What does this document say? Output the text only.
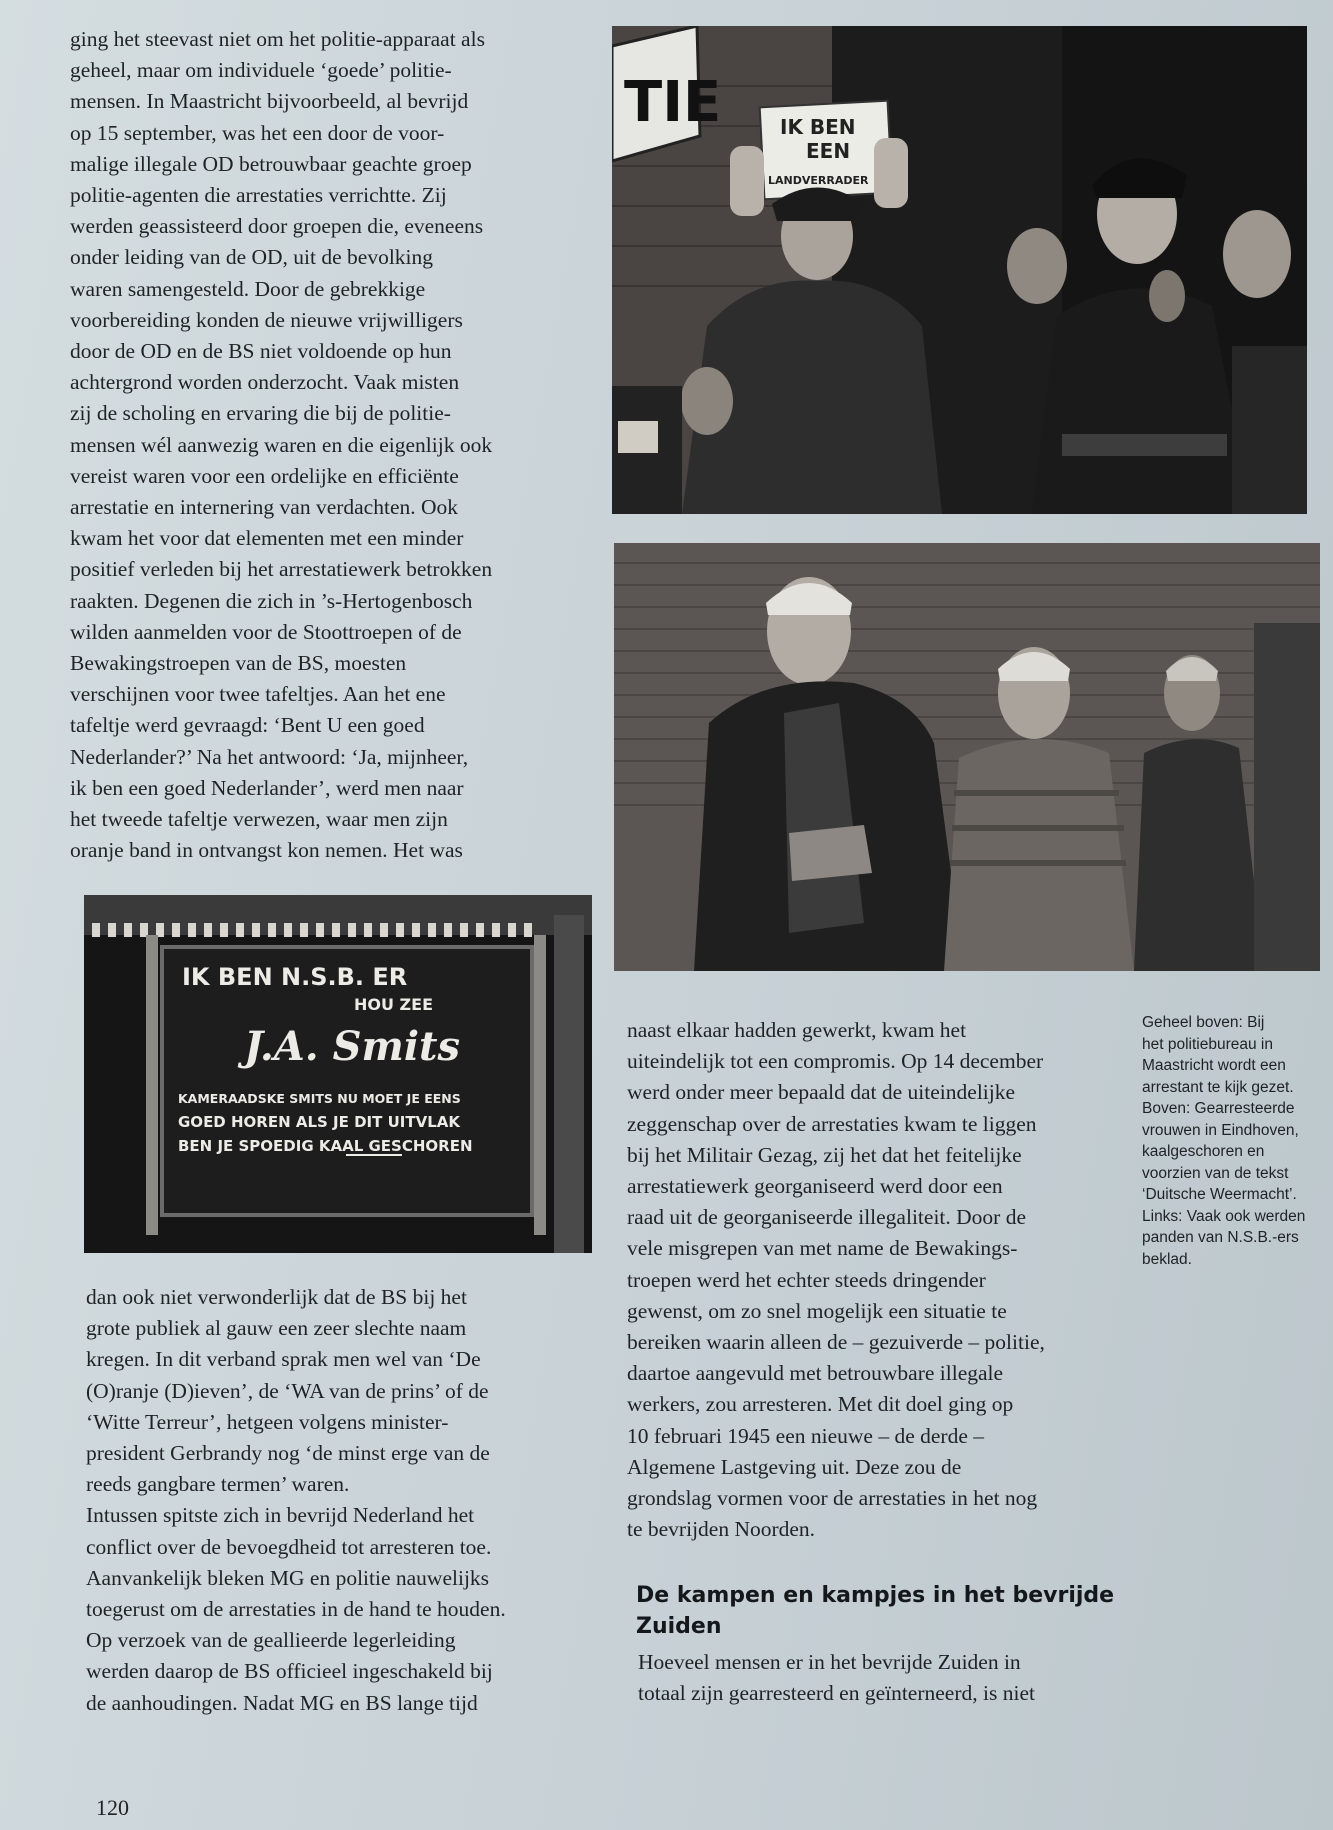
ging het steevast niet om het politie-apparaat als
geheel, maar om individuele ‘goede’ politie-
mensen. In Maastricht bijvoorbeeld, al bevrijd
op 15 september, was het een door de voor-
malige illegale OD betrouwbaar geachte groep
politie-agenten die arrestaties verrichtte. Zij
werden geassisteerd door groepen die, eveneens
onder leiding van de OD, uit de bevolking
waren samengesteld. Door de gebrekkige
voorbereiding konden de nieuwe vrijwilligers
door de OD en de BS niet voldoende op hun
achtergrond worden onderzocht. Vaak misten
zij de scholing en ervaring die bij de politie-
mensen wél aanwezig waren en die eigenlijk ook
vereist waren voor een ordelijke en efficiënte
arrestatie en internering van verdachten. Ook
kwam het voor dat elementen met een minder
positief verleden bij het arrestatiewerk betrokken
raakten. Degenen die zich in ’s-Hertogenbosch
wilden aanmelden voor de Stoottroepen of de
Bewakingstroepen van de BS, moesten
verschijnen voor twee tafeltjes. Aan het ene
tafeltje werd gevraagd: ‘Bent U een goed
Nederlander?’ Na het antwoord: ‘Ja, mijnheer,
ik ben een goed Nederlander’, werd men naar
het tweede tafeltje verwezen, waar men zijn
oranje band in ontvangst kon nemen. Het was

TIE	IK BEN
EEN
LANDVERRADER
IK BEN N.S.B. ER
HOU ZEE
J.A. Smits
KAMERAADSKE SMITS NU MOET JE EENS
GOED HOREN ALS JE DIT UITVLAK
BEN JE SPOEDIG KAAL GESCHOREN

dan ook niet verwonderlijk dat de BS bij het
grote publiek al gauw een zeer slechte naam
kregen. In dit verband sprak men wel van ‘De
(O)ranje (D)ieven’, de ‘WA van de prins’ of de
‘Witte Terreur’, hetgeen volgens minister-
president Gerbrandy nog ‘de minst erge van de
reeds gangbare termen’ waren.
Intussen spitste zich in bevrijd Nederland het
conflict over de bevoegdheid tot arresteren toe.
Aanvankelijk bleken MG en politie nauwelijks
toegerust om de arrestaties in de hand te houden.
Op verzoek van de geallieerde legerleiding
werden daarop de BS officieel ingeschakeld bij
de aanhoudingen. Nadat MG en BS lange tijd

naast elkaar hadden gewerkt, kwam het
uiteindelijk tot een compromis. Op 14 december
werd onder meer bepaald dat de uiteindelijke
zeggenschap over de arrestaties kwam te liggen
bij het Militair Gezag, zij het dat het feitelijke
arrestatiewerk georganiseerd werd door een
raad uit de georganiseerde illegaliteit. Door de
vele misgrepen van met name de Bewakings-
troepen werd het echter steeds dringender
gewenst, om zo snel mogelijk een situatie te
bereiken waarin alleen de – gezuiverde – politie,
daartoe aangevuld met betrouwbare illegale
werkers, zou arresteren. Met dit doel ging op
10 februari 1945 een nieuwe – de derde –
Algemene Lastgeving uit. Deze zou de
grondslag vormen voor de arrestaties in het nog
te bevrijden Noorden.

De kampen en kampjes in het bevrijde
Zuiden

Hoeveel mensen er in het bevrijde Zuiden in
totaal zijn gearresteerd en geïnterneerd, is niet

Geheel boven: Bij
het politiebureau in
Maastricht wordt een
arrestant te kijk gezet.
Boven: Gearresteerde
vrouwen in Eindhoven,
kaalgeschoren en
voorzien van de tekst
‘Duitsche Weermacht’.
Links: Vaak ook werden
panden van N.S.B.-ers
beklad.

120
